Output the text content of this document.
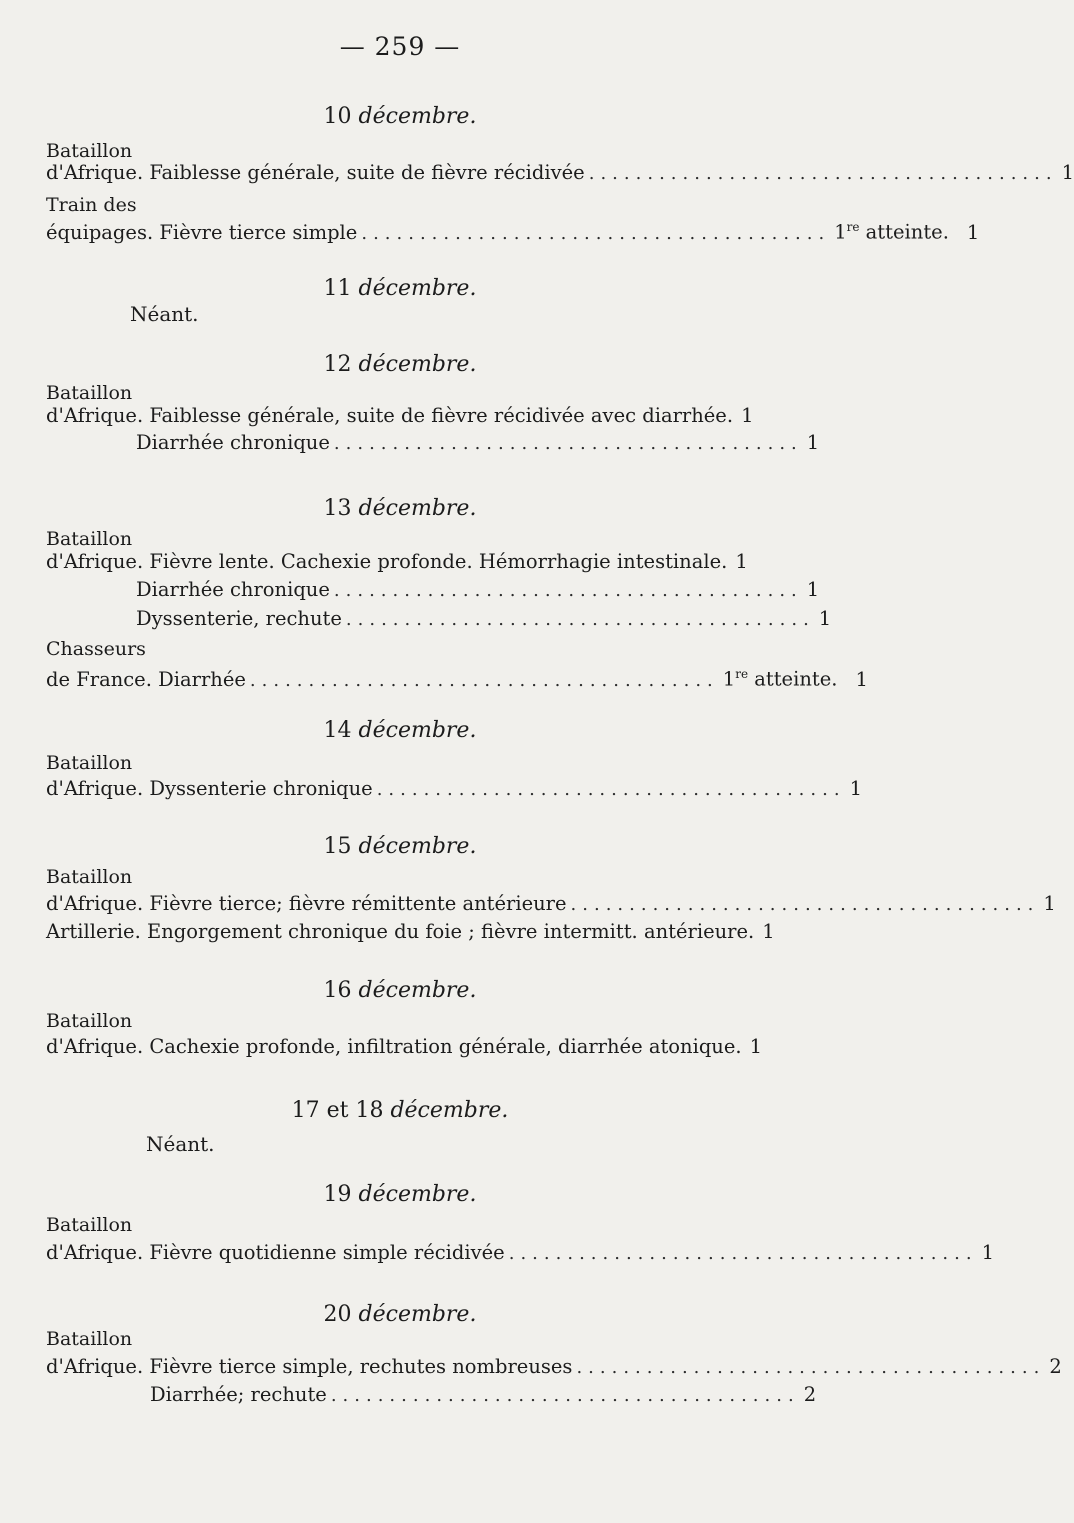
— 259 —
10 décembre.
Bataillon
d'Afrique.
Faiblesse générale, suite de fièvre récidivée ........................................ 1
Train des
équipages.
Fièvre tierce simple ........................................ 1re atteinte. 1
11 décembre.
Néant.
12 décembre.
Bataillon
d'Afrique.
Faiblesse générale, suite de fièvre récidivée avec diarrhée. 1
Diarrhée chronique ........................................ 1
13 décembre.
Bataillon
d'Afrique.
Fièvre lente. Cachexie profonde. Hémorrhagie intestinale. 1
Diarrhée chronique ........................................ 1
Dyssenterie, rechute ........................................ 1
Chasseurs
de France.
Diarrhée ........................................ 1re atteinte. 1
14 décembre.
Bataillon
d'Afrique.
Dyssenterie chronique ........................................ 1
15 décembre.
Bataillon
d'Afrique.
Fièvre tierce; fièvre rémittente antérieure ........................................ 1
Artillerie.
Engorgement chronique du foie ; fièvre intermitt. antérieure. 1
16 décembre.
Bataillon
d'Afrique.
Cachexie profonde, infiltration générale, diarrhée atonique. 1
17 et 18 décembre.
Néant.
19 décembre.
Bataillon
d'Afrique.
Fièvre quotidienne simple récidivée ........................................ 1
20 décembre.
Bataillon
d'Afrique.
Fièvre tierce simple, rechutes nombreuses ........................................ 2
Diarrhée; rechute ........................................ 2
